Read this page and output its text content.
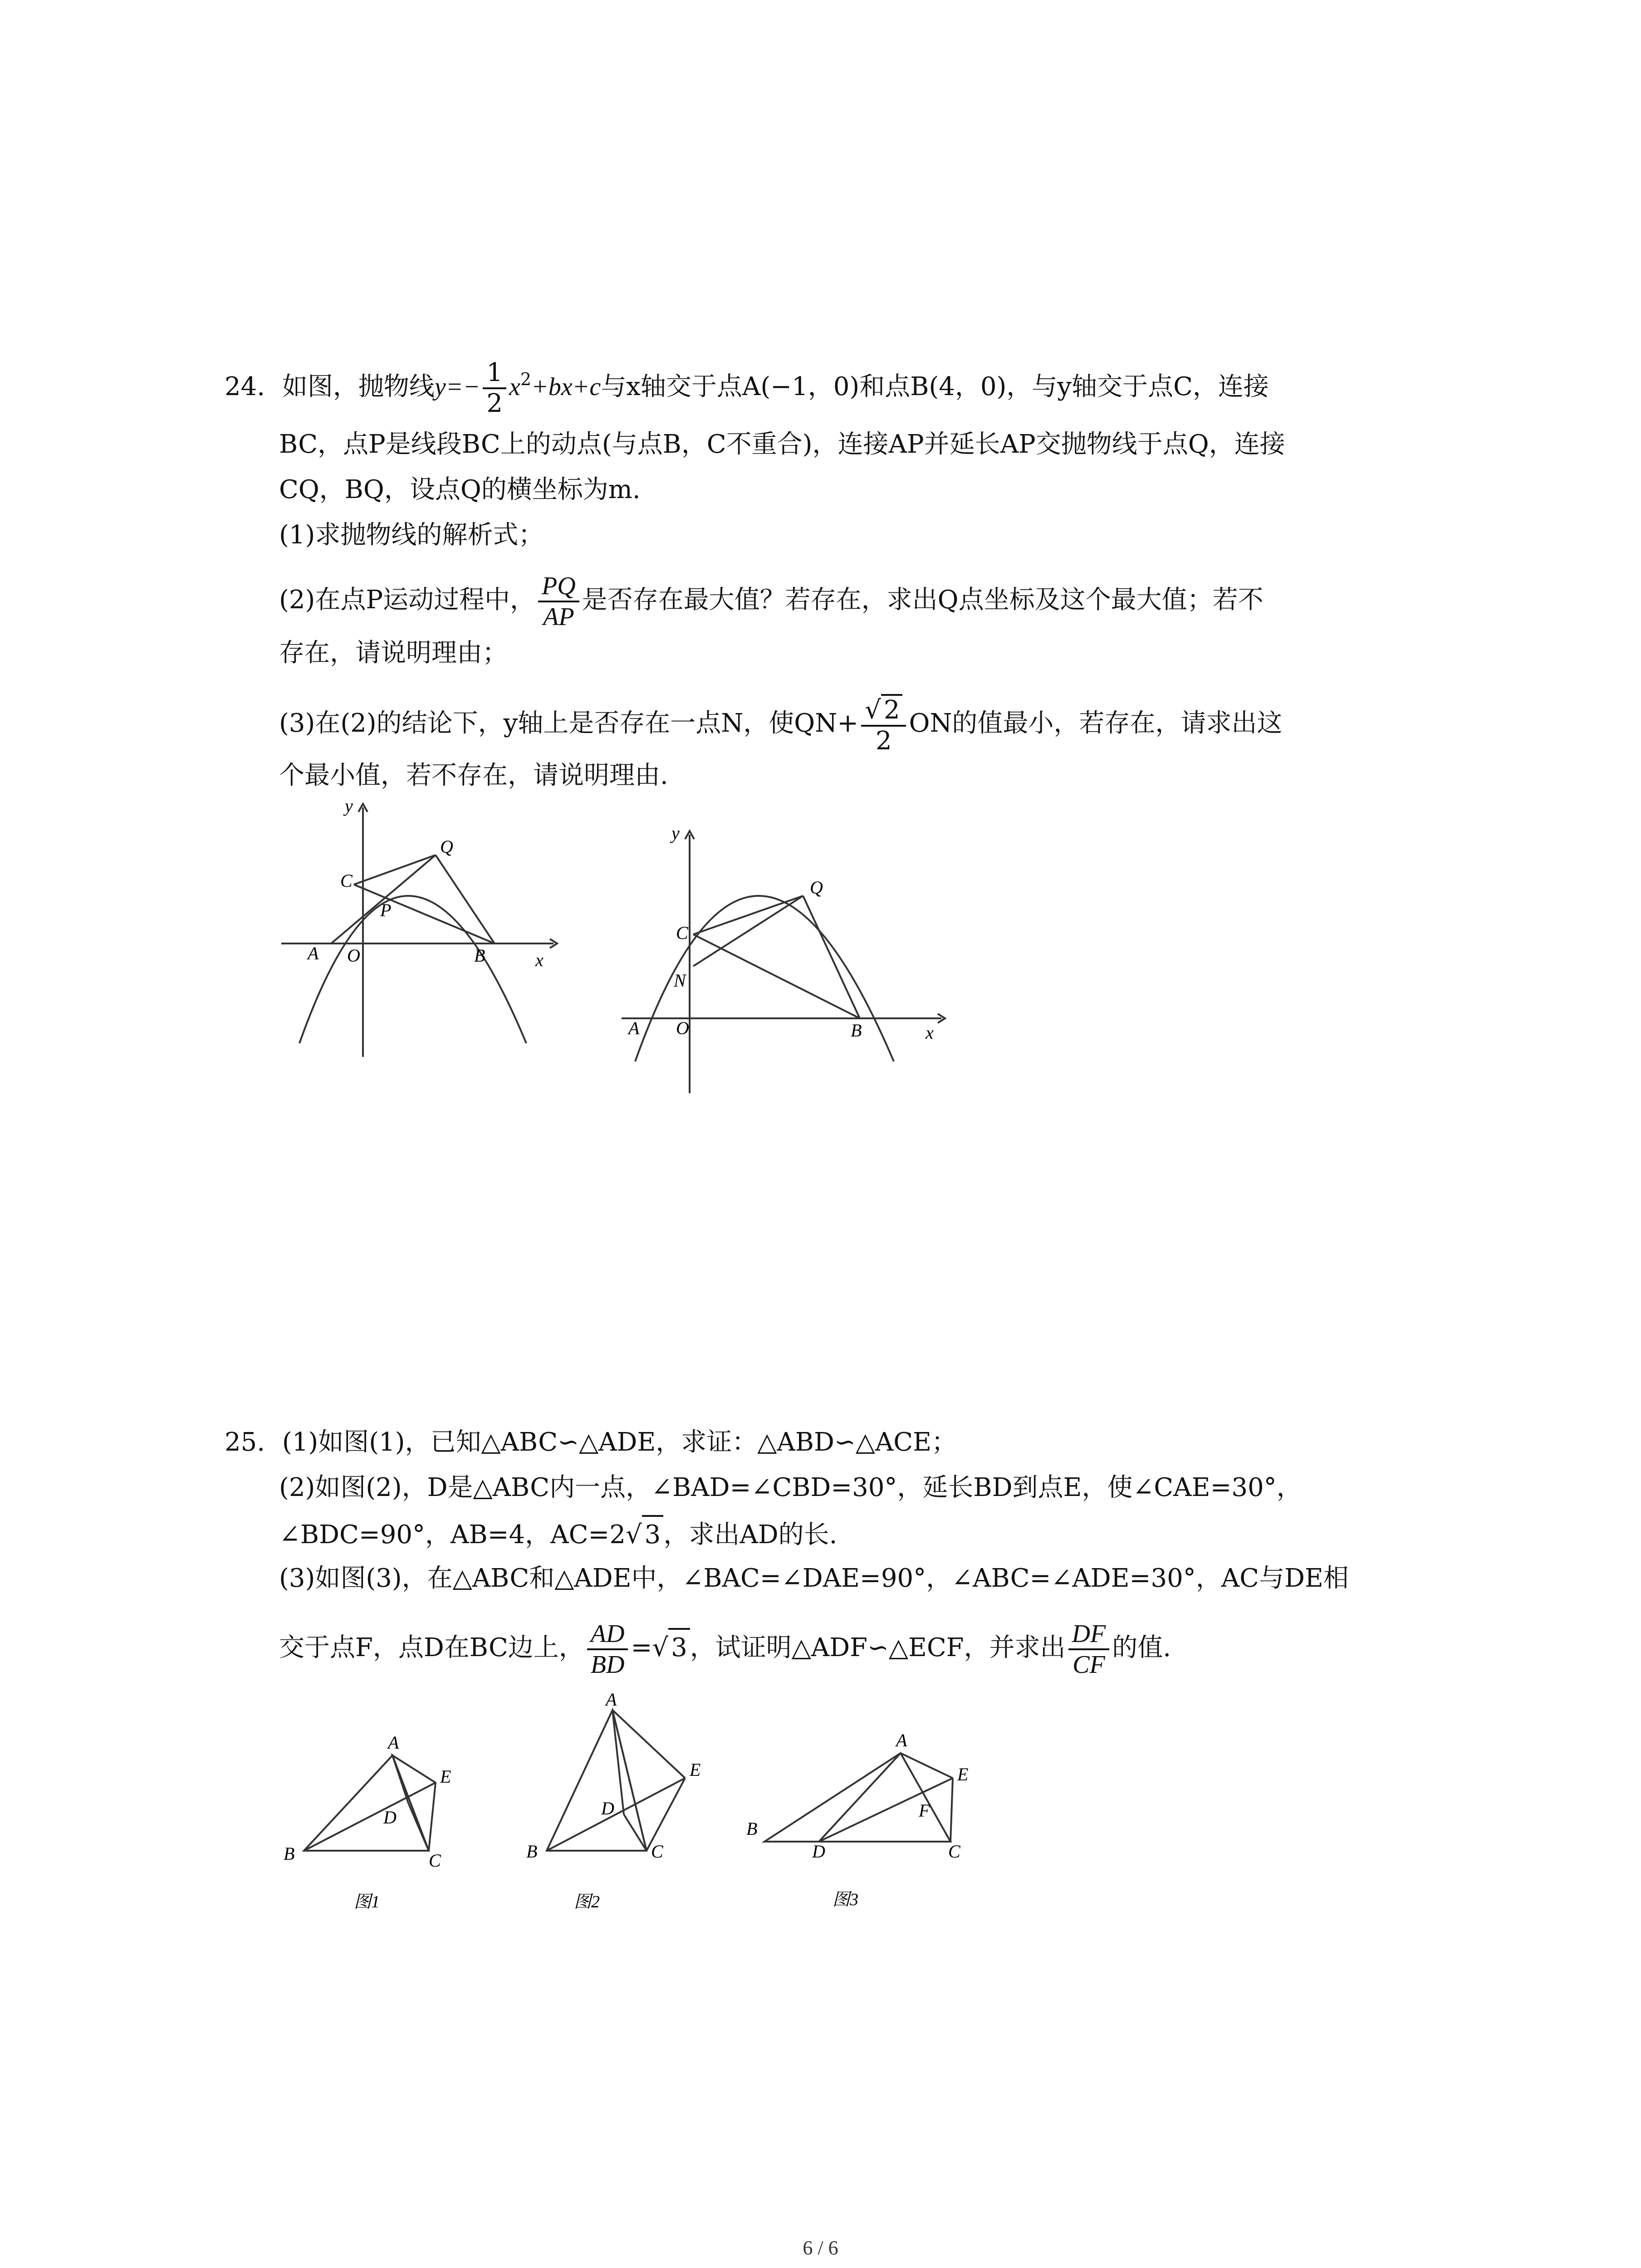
24. 如图，抛物线$y=- \frac{1}{2} x^2+bx+c$与x轴交于点A(−1，0)和点B(4，0)，与y轴交于点C，连接
BC，点P是线段BC上的动点(与点B，C不重合)，连接AP并延长AP交抛物线于点Q，连接
CQ，BQ，设点Q的横坐标为m.
(1)求抛物线的解析式；
(2)在点P运动过程中， $\frac{PQ}{AP}$ 是否存在最大值？若存在，求出Q点坐标及这个最大值；若不
存在，请说明理由；
(3)在(2)的结论下，y轴上是否存在一点N，使$QN+ \frac{√ 2}{2}$ ON的值最小，若存在，请求出这
个最小值，若不存在，请说明理由.
y
x
C
Q
P
A O	B
y
x
C
Q
N
A O	B
25. (1)如图(1)，已知△ABC∽△ADE，求证：△ABD∽△ACE；
(2)如图(2)，D是△ABC内一点，∠BAD=∠CBD=30°，延长BD到点E，使∠CAE=30°，
∠BDC=90°，AB=4，AC=2√ 3 ，求出AD的长.
(3)如图(3)，在△ABC和△ADE中，∠BAC=∠DAE=90°，∠ABC=∠ADE=30°，AC与DE相
交于点F，点D在BC边上， $\frac{AD}{BD}$ =√ 3 ，试证明△ADF∽△ECF，并求出 $\frac{DF}{CF}$ 的值.
A
E
D
B	C
图1
A
E
D
B	C
图2
A
E
F
B
D	C
图3
6 / 6
